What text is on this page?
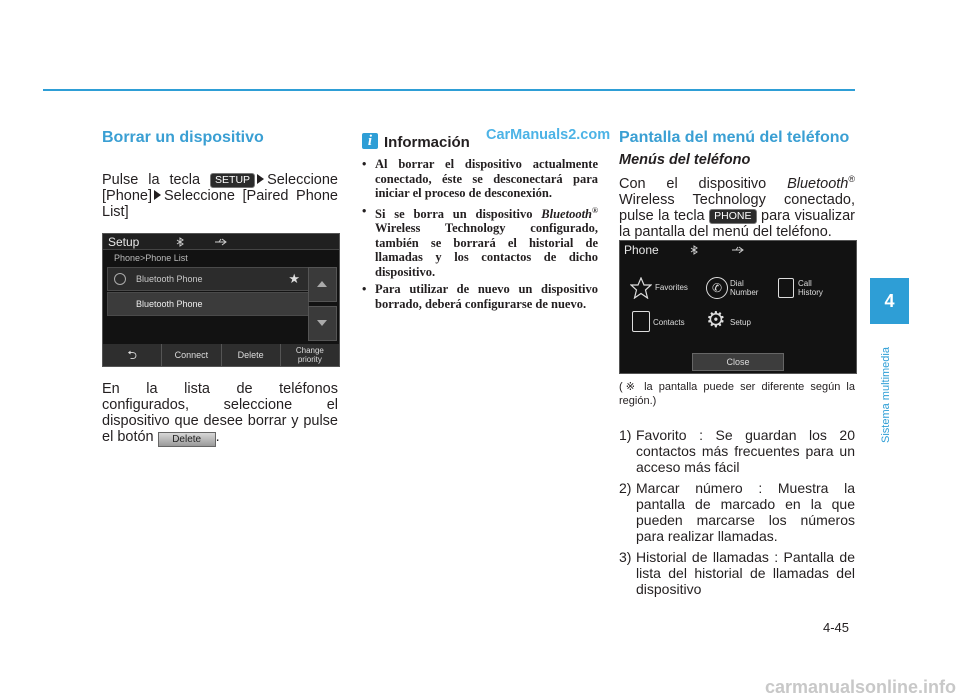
Borrar un dispositivo
Pulse la tecla SETUP Seleccione [Phone] Seleccione [Paired Phone List]
Setup
Phone>Phone List
Bluetooth Phone	★
Bluetooth Phone
⮌	Connect	Delete	Change
priority
En la lista de teléfonos configurados, seleccione el dispositivo que desee borrar y pulse el botón Delete .
i Información CarManuals2.com
• Al borrar el dispositivo actualmente conectado, éste se desconectará para iniciar el proceso de desconexión.
• Si se borra un dispositivo Bluetooth® Wireless Technology configurado, también se borrará el historial de llamadas y los contactos de dicho dispositivo.
• Para utilizar de nuevo un dispositivo borrado, deberá configurarse de nuevo.
Pantalla del menú del teléfono
Menús del teléfono
Con el dispositivo Bluetooth® Wireless Technology conectado, pulse la tecla PHONE para visualizar la pantalla del menú del teléfono.
Phone
Favorites	✆ Dial
Number
Call
History
Contacts ⚙ Setup
Close
(※ la pantalla puede ser diferente según la región.)
1) Favorito : Se guardan los 20 contactos más frecuentes para un acceso más fácil
2) Marcar número : Muestra la pantalla de marcado en la que pueden marcarse los números para realizar llamadas.
3) Historial de llamadas : Pantalla de lista del historial de llamadas del dispositivo
4
Sistema multimedia
4-45
carmanualsonline.info
